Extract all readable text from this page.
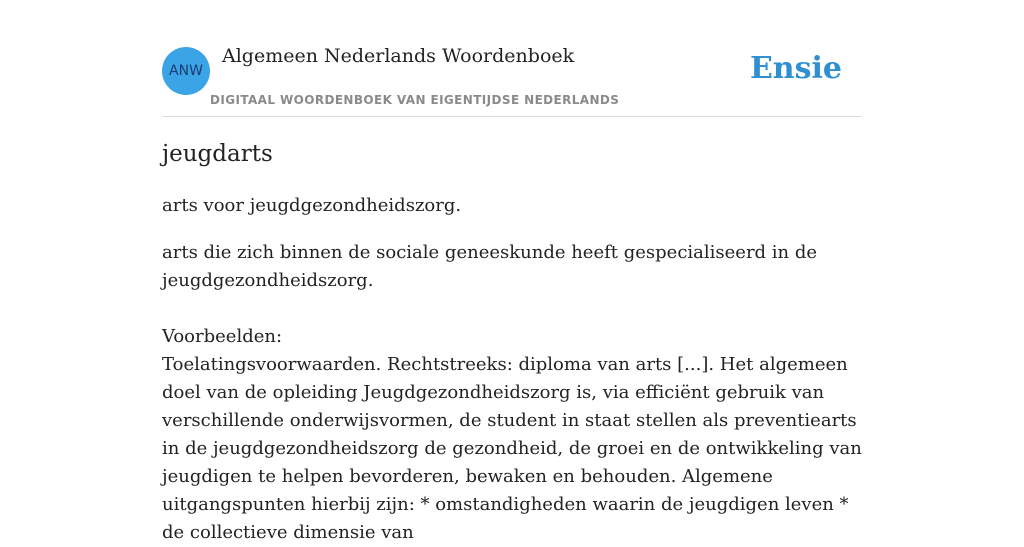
ANW
Algemeen Nederlands Woordenboek
DIGITAAL WOORDENBOEK VAN EIGENTIJDSE NEDERLANDS
Ensie
jeugdarts

arts voor jeugdgezondheidszorg.

arts die zich binnen de sociale geneeskunde heeft gespecialiseerd in de jeugdgezondheidszorg.

Voorbeelden:

Toelatingsvoorwaarden. Rechtstreeks: diploma van arts [...]. Het algemeen doel van de opleiding Jeugdgezondheidszorg is, via efficiënt gebruik van verschillende onderwijsvormen, de student in staat stellen als preventiearts in de jeugdgezondheidszorg de gezondheid, de groei en de ontwikkeling van jeugdigen te helpen bevorderen, bewaken en behouden. Algemene uitgangspunten hierbij zijn: * omstandigheden waarin de jeugdigen leven * de collectieve dimensie van
